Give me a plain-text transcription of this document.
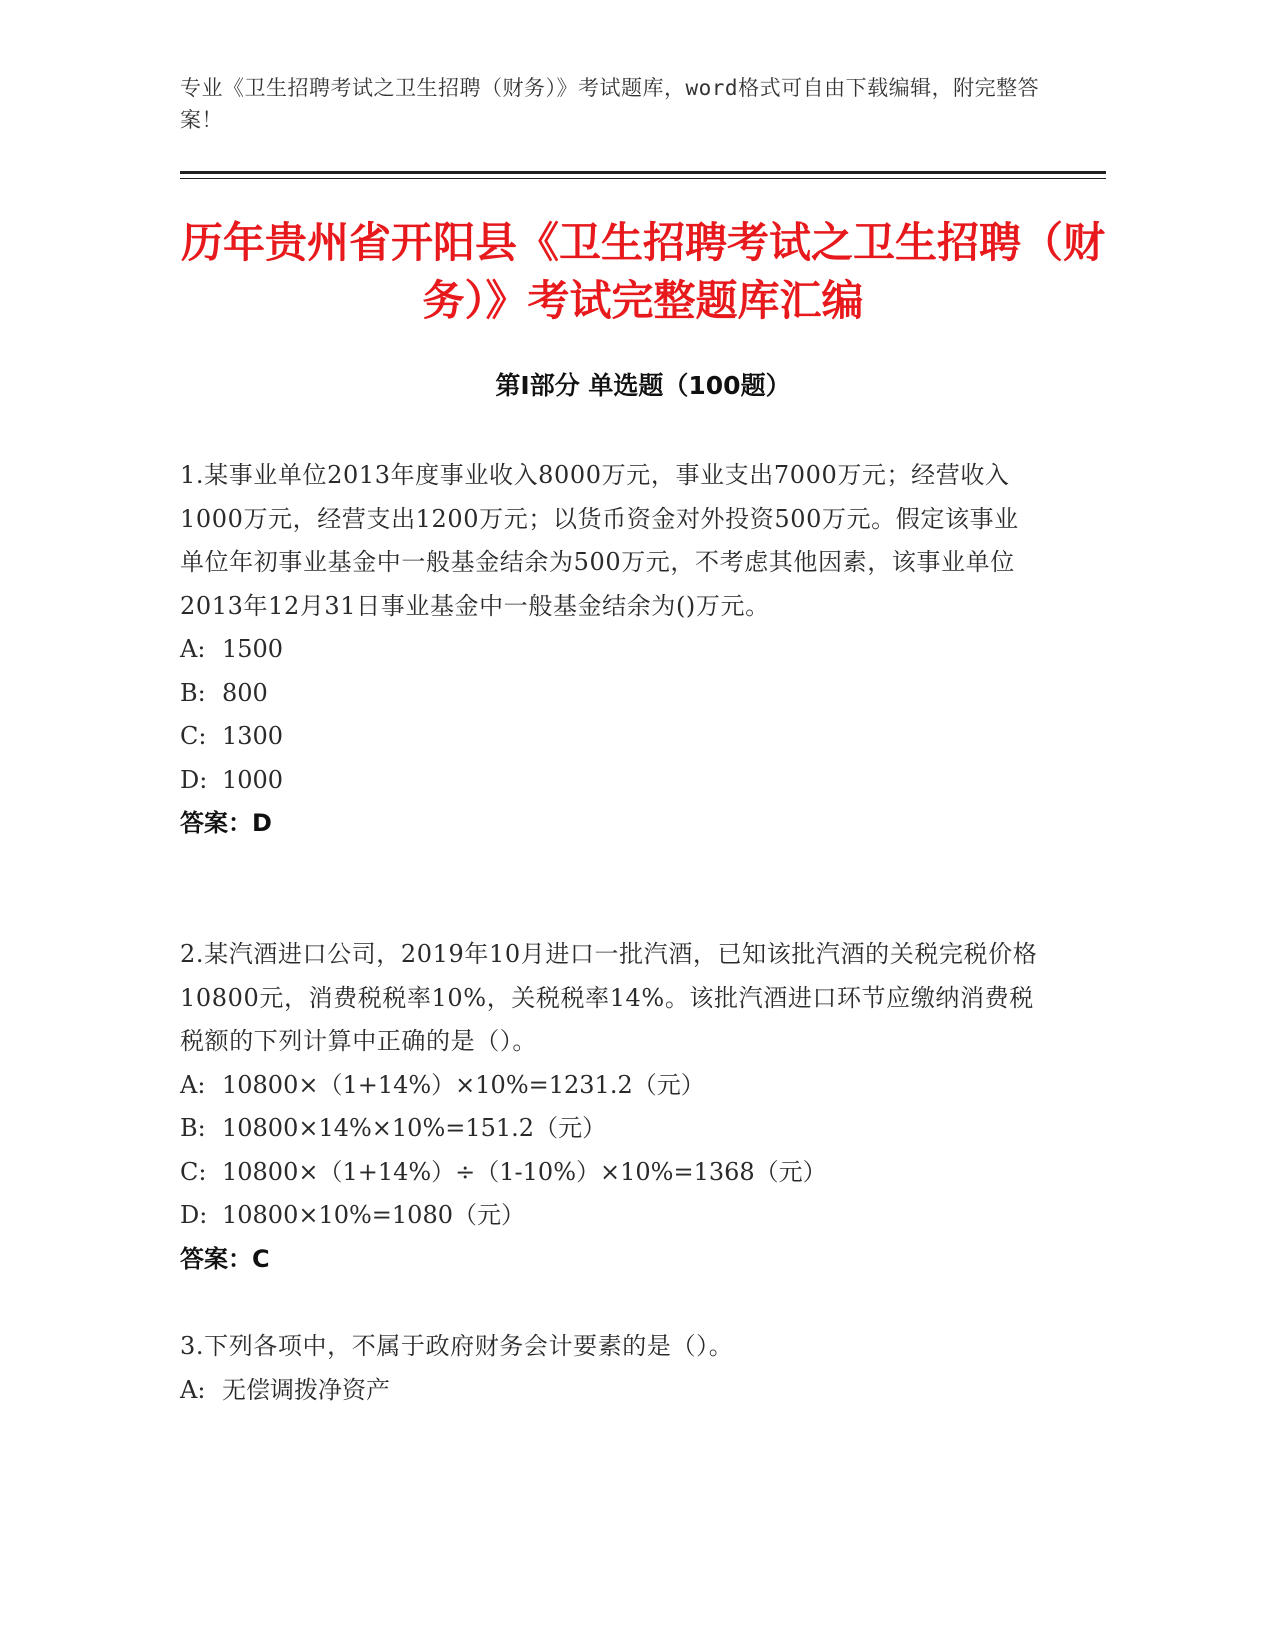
专业《卫生招聘考试之卫生招聘（财务）》考试题库，word格式可自由下载编辑，附完整答案！
历年贵州省开阳县《卫生招聘考试之卫生招聘（财务）》考试完整题库汇编
第Ⅰ部分 单选题（100题）
1.某事业单位2013年度事业收入8000万元，事业支出7000万元；经营收入1000万元，经营支出1200万元；以货币资金对外投资500万元。假定该事业单位年初事业基金中一般基金结余为500万元，不考虑其他因素，该事业单位2013年12月31日事业基金中一般基金结余为()万元。
A: 1500
B: 800
C: 1300
D: 1000
答案：D
2.某汽酒进口公司，2019年10月进口一批汽酒，已知该批汽酒的关税完税价格10800元，消费税税率10%，关税税率14%。该批汽酒进口环节应缴纳消费税税额的下列计算中正确的是（）。
A: 10800×（1+14%）×10%=1231.2（元）
B: 10800×14%×10%=151.2（元）
C: 10800×（1+14%）÷（1-10%）×10%=1368（元）
D: 10800×10%=1080（元）
答案：C
3.下列各项中，不属于政府财务会计要素的是（）。
A: 无偿调拨净资产
